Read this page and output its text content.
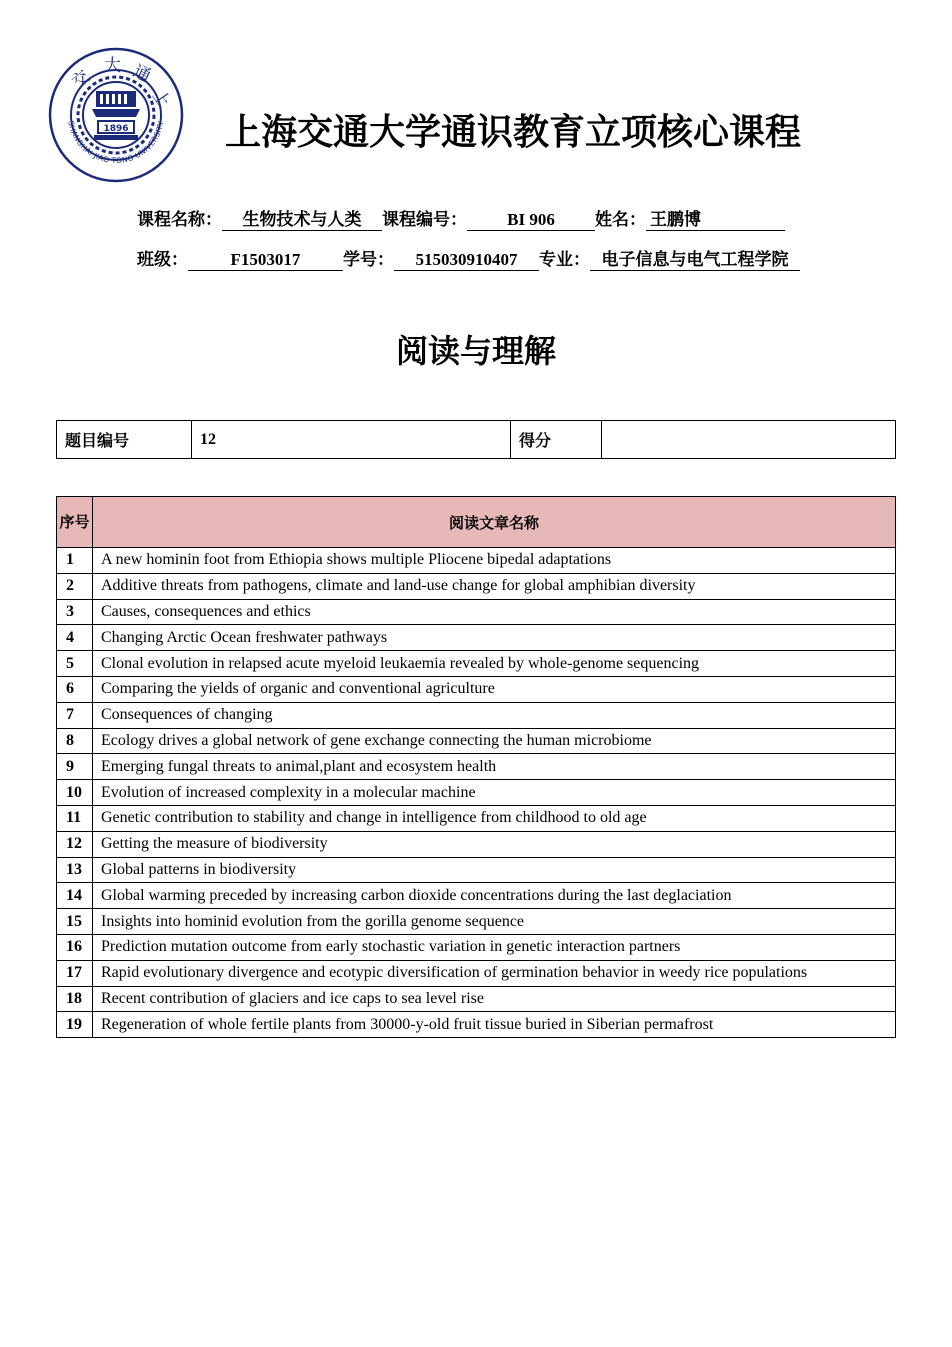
交
大 通
上
SHANGHAI JIAO TONG UNIVERSITY
1896	上海交通大学通识教育立项核心课程
课程名称： 生物技术与人类 课程编号： BI 906 姓名： 王鹏博
班级：	F1503017	学号： 515030910407 专业： 电子信息与电气工程学院
阅读与理解
题目编号	12	得分	
序号	阅读文章名称
1	A new hominin foot from Ethiopia shows multiple Pliocene bipedal adaptations
2	Additive threats from pathogens, climate and land-use change for global amphibian diversity
3	Causes, consequences and ethics
4	Changing Arctic Ocean freshwater pathways
5	Clonal evolution in relapsed acute myeloid leukaemia revealed by whole-genome sequencing
6	Comparing the yields of organic and conventional agriculture
7	Consequences of changing
8	Ecology drives a global network of gene exchange connecting the human microbiome
9	Emerging fungal threats to animal,plant and ecosystem health
10	Evolution of increased complexity in a molecular machine
11	Genetic contribution to stability and change in intelligence from childhood to old age
12	Getting the measure of biodiversity
13	Global patterns in biodiversity
14	Global warming preceded by increasing carbon dioxide concentrations during the last deglaciation
15	Insights into hominid evolution from the gorilla genome sequence
16	Prediction mutation outcome from early stochastic variation in genetic interaction partners
17	Rapid evolutionary divergence and ecotypic diversification of germination behavior in weedy rice populations
18	Recent contribution of glaciers and ice caps to sea level rise
19	Regeneration of whole fertile plants from 30000-y-old fruit tissue buried in Siberian permafrost
